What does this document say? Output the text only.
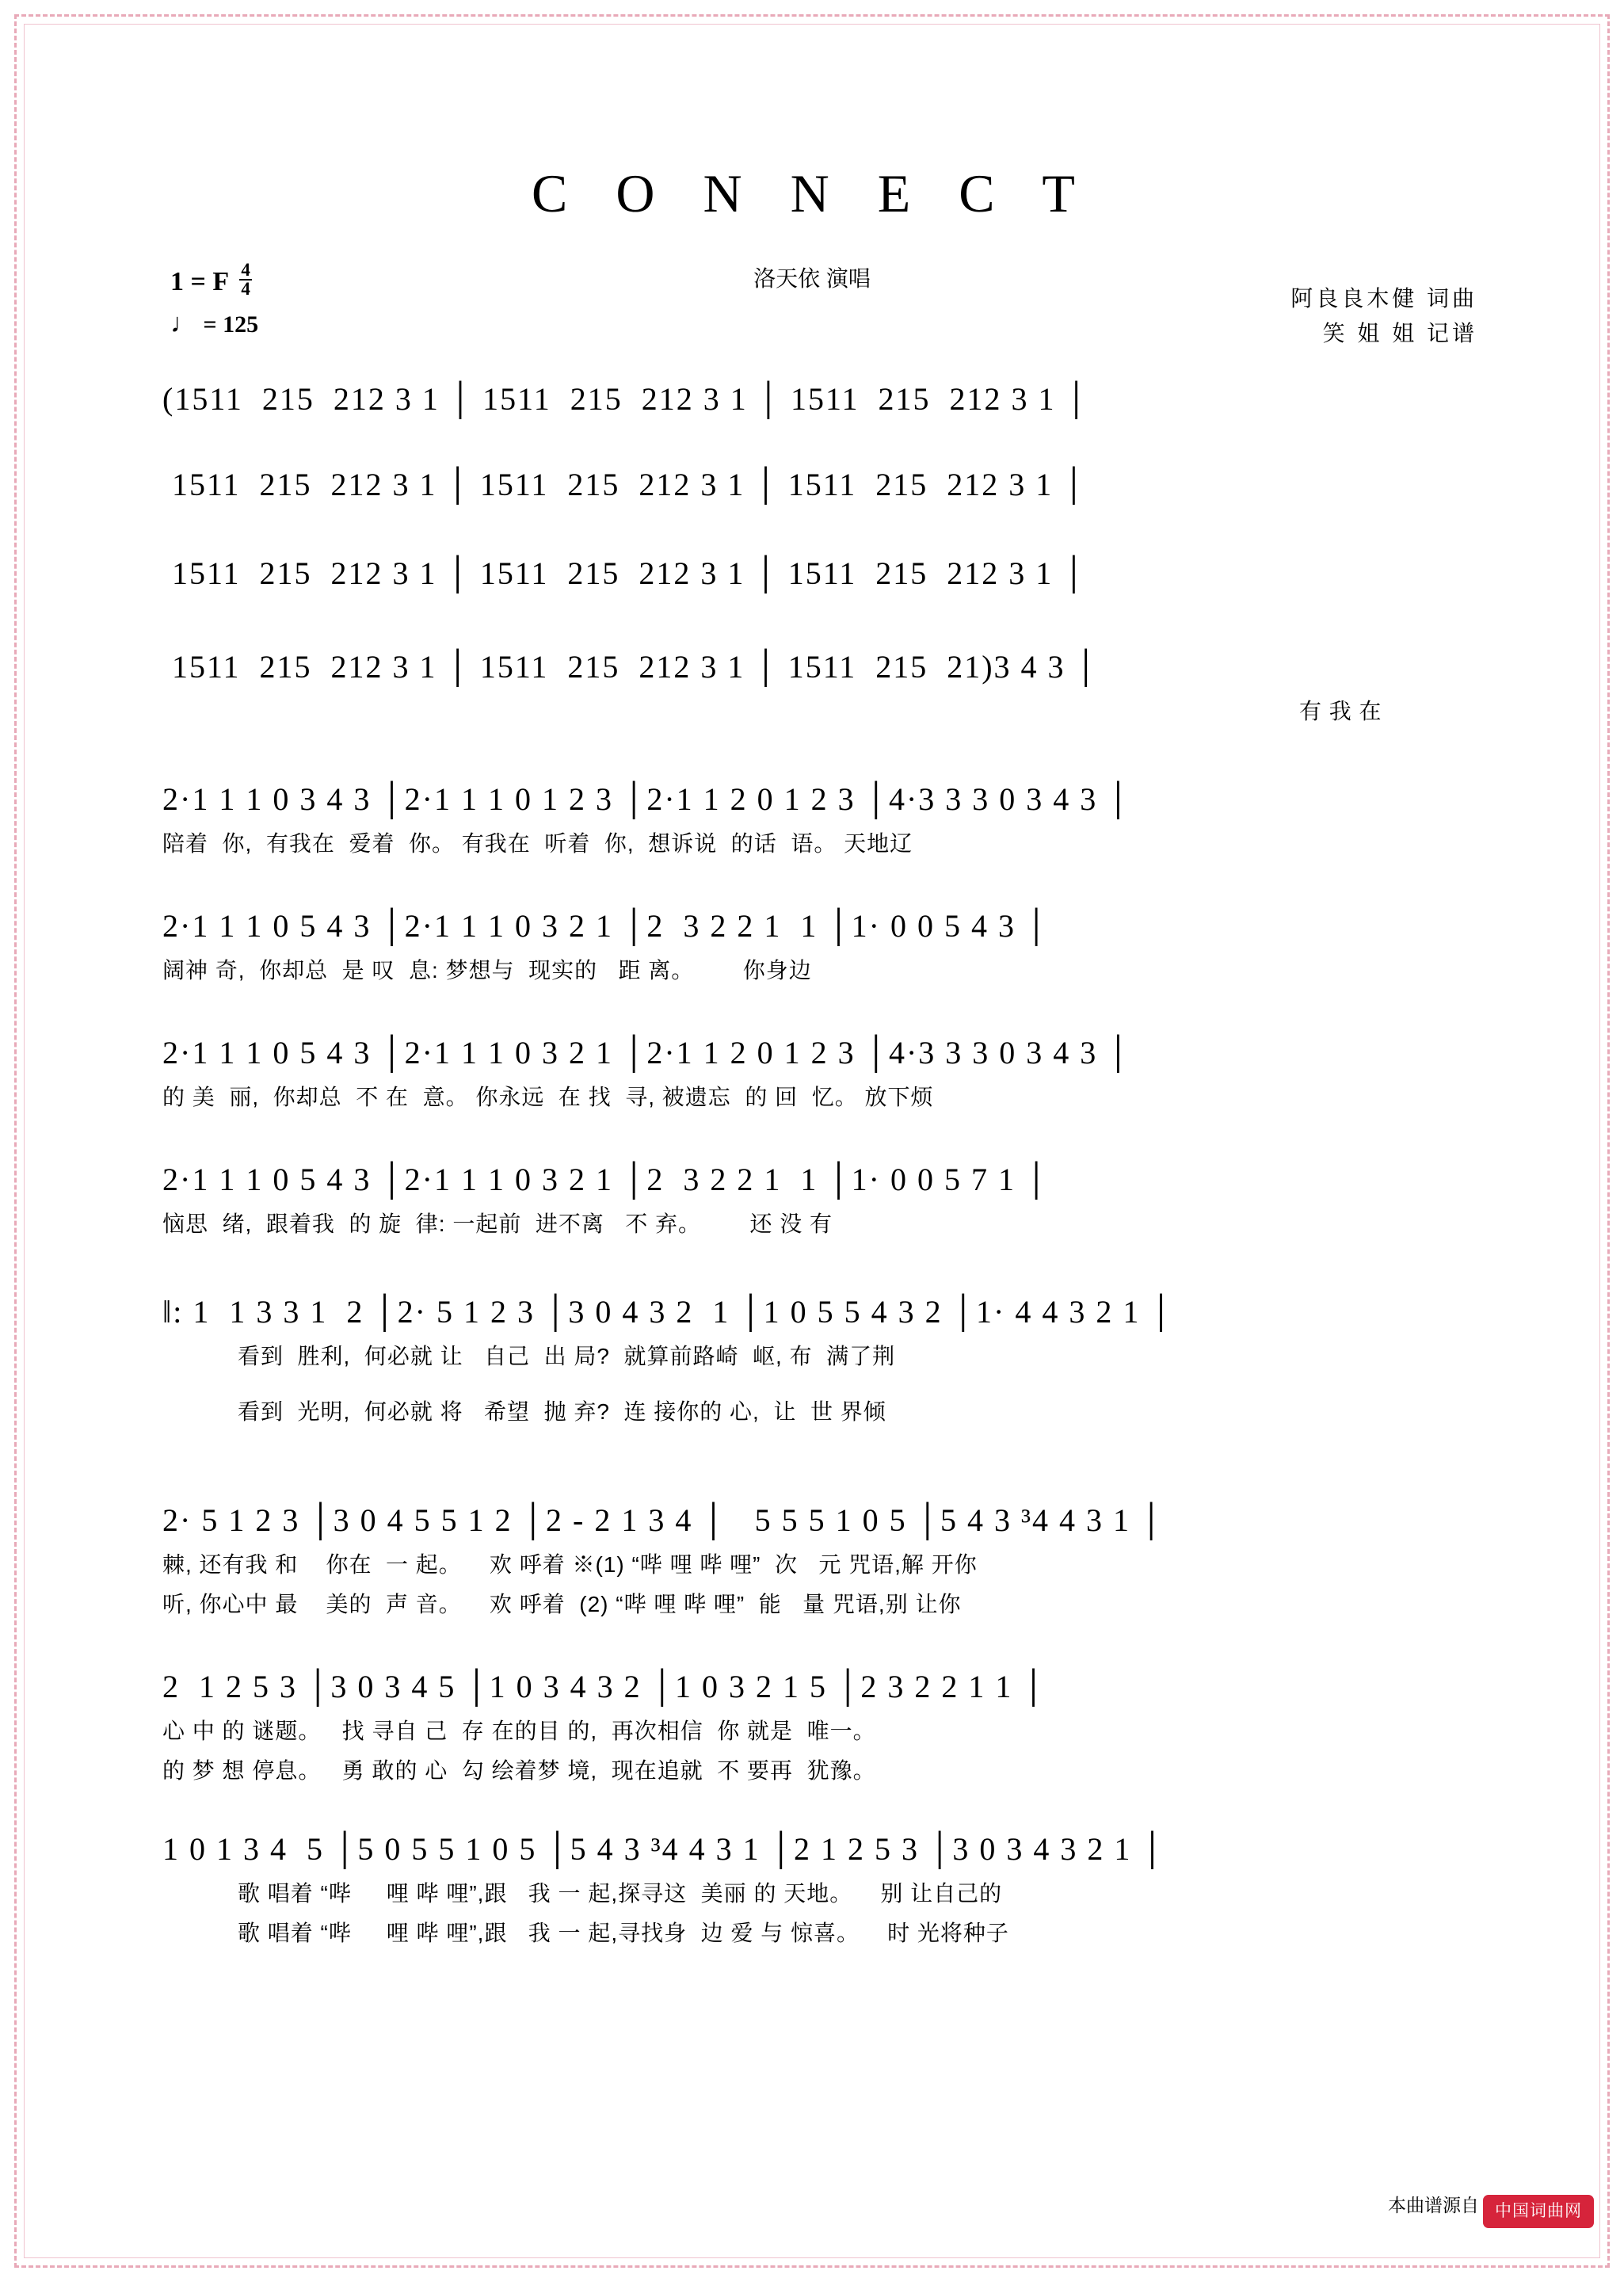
C O N N E C T
洛天依 演唱
阿良良木健 词曲
笑 姐 姐 记谱
1 = F $\frac{4}{4}$
♩ = 125
(1511  215  212 3 1 │ 1511  215  212 3 1 │ 1511  215  212 3 1 │
1511  215  212 3 1 │ 1511  215  212 3 1 │ 1511  215  212 3 1 │
1511  215  212 3 1 │ 1511  215  212 3 1 │ 1511  215  212 3 1 │
1511  215  212 3 1 │ 1511  215  212 3 1 │ 1511  215  21)3 4 3 │
有 我 在
2·1 1 1 0 3 4 3 │2·1 1 1 0 1 2 3 │2·1 1 2 0 1 2 3 │4·3 3 3 0 3 4 3 │
陪着  你,  有我在  爱着  你。 有我在  听着  你,  想诉说  的话  语。 天地辽
2·1 1 1 0 5 4 3 │2·1 1 1 0 3 2 1 │2  3 2 2 1  1 │1· 0 0 5 4 3 │
阔神 奇,  你却总  是 叹  息: 梦想与  现实的   距 离。       你身边
2·1 1 1 0 5 4 3 │2·1 1 1 0 3 2 1 │2·1 1 2 0 1 2 3 │4·3 3 3 0 3 4 3 │
的 美  丽,  你却总  不 在  意。 你永远  在 找  寻, 被遗忘  的 回  忆。 放下烦
2·1 1 1 0 5 4 3 │2·1 1 1 0 3 2 1 │2  3 2 2 1  1 │1· 0 0 5 7 1 │
恼思  绪,  跟着我  的 旋  律: 一起前  进不离   不 弃。       还 没 有
‖: 1  1 3 3 1  2 │2· 5 1 2 3 │3 0 4 3 2  1 │1 0 5 5 4 3 2 │1· 4 4 3 2 1 │
看到  胜利,  何必就 让   自己  出 局?  就算前路崎  岖, 布  满了荆
看到  光明,  何必就 将   希望  抛 弃?  连 接你的 心,  让  世 界倾
2· 5 1 2 3 │3 0 4 5 5 1 2 │2 - 2 1 3 4 │   5 5 5 1 0 5 │5 4 3 ³4 4 3 1 │
棘, 还有我 和    你在  一 起。    欢 呼着 ※(1) “哔 哩 哔 哩”  次   元 咒语,解 开你
听, 你心中 最    美的  声 音。    欢 呼着  (2) “哔 哩 哔 哩”  能   量 咒语,别 让你
2  1 2 5 3 │3 0 3 4 5 │1 0 3 4 3 2 │1 0 3 2 1 5 │2 3 2 2 1 1 │
心 中 的 谜题。   找 寻自 己  存 在的目 的,  再次相信  你 就是  唯一。
的 梦 想 停息。   勇 敢的 心  勾 绘着梦 境,  现在追就  不 要再  犹豫。
1 0 1 3 4  5 │5 0 5 5 1 0 5 │5 4 3 ³4 4 3 1 │2 1 2 5 3 │3 0 3 4 3 2 1 │
歌 唱着 “哔     哩 哔 哩”,跟   我 一 起,探寻这  美丽 的 天地。    别 让自己的
歌 唱着 “哔     哩 哔 哩”,跟   我 一 起,寻找身  边 爱 与 惊喜。    时 光将种子
本曲谱源自 中国词曲网
